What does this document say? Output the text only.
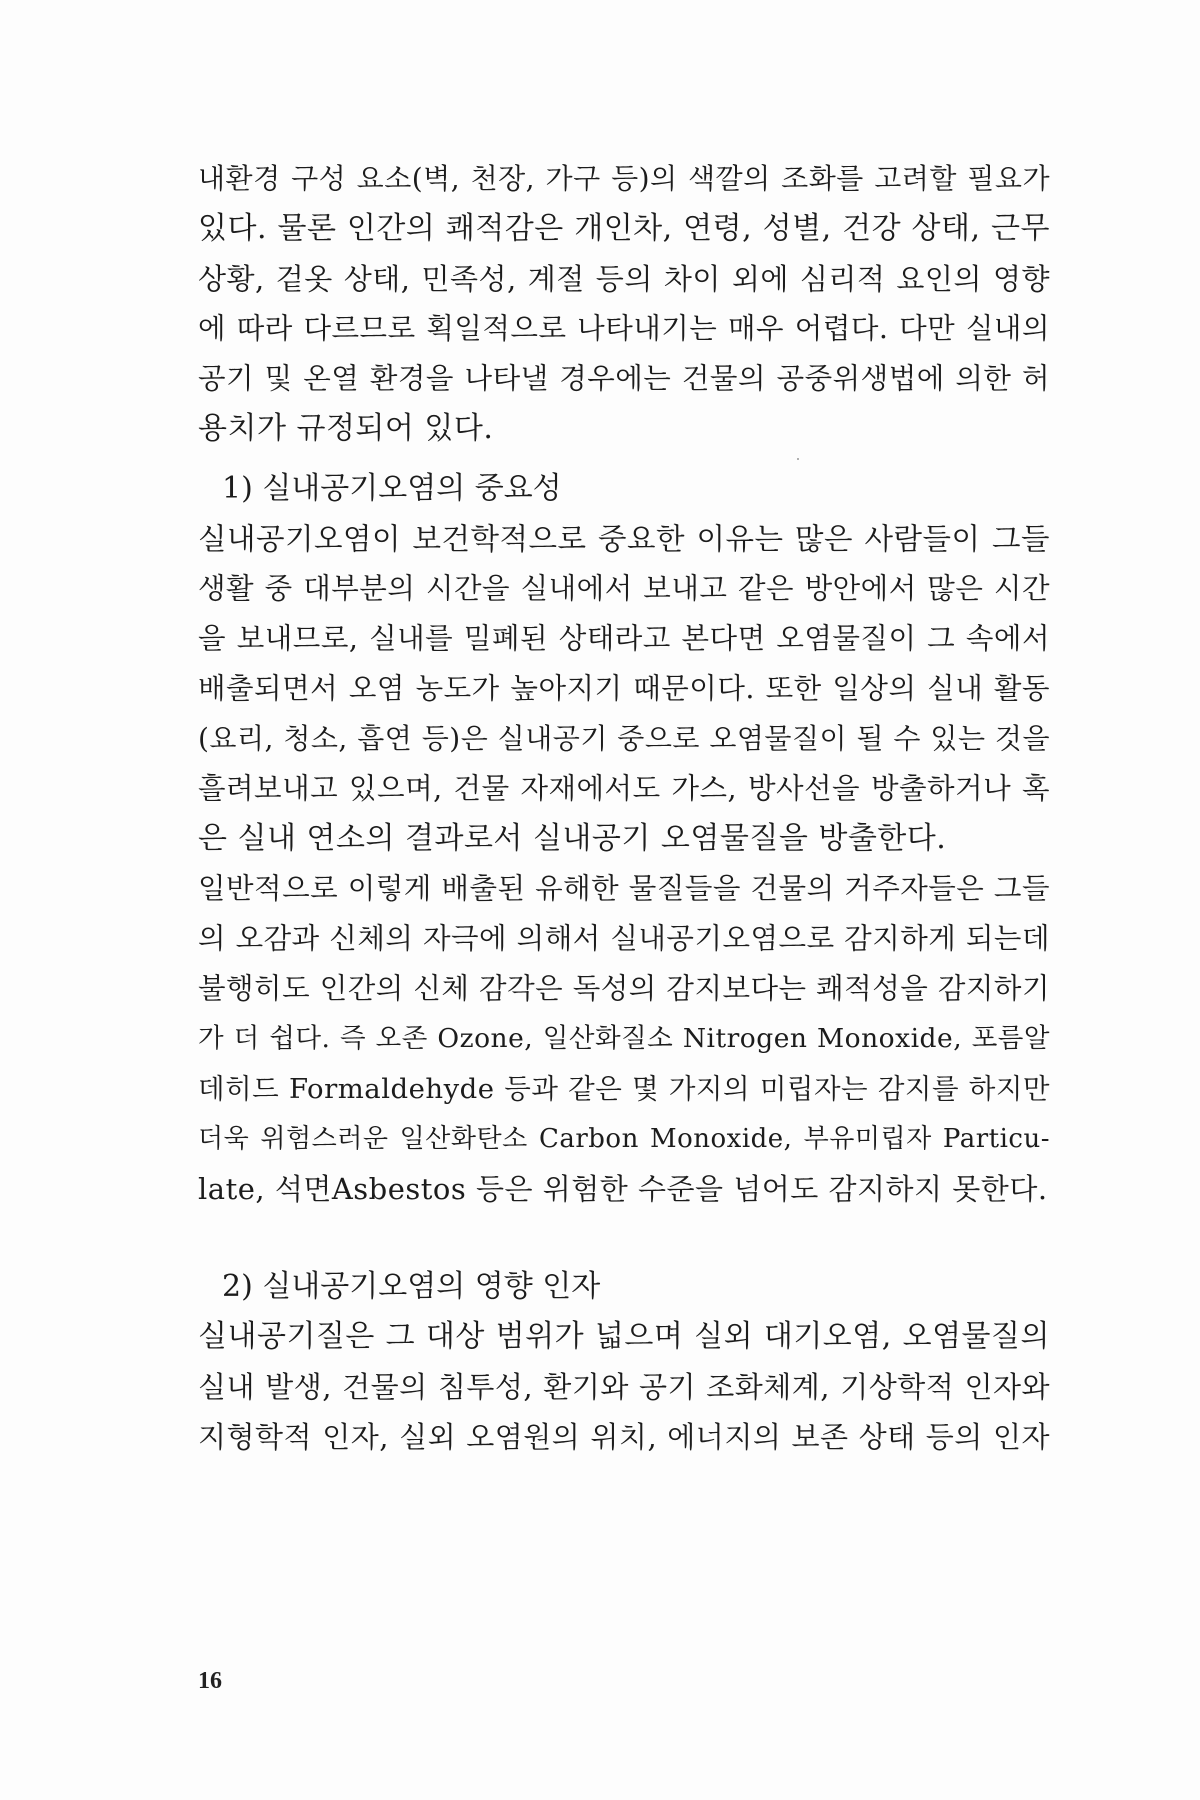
내환경 구성 요소(벽, 천장, 가구 등)의 색깔의 조화를 고려할 필요가
있다. 물론 인간의 쾌적감은 개인차, 연령, 성별, 건강 상태, 근무
상황, 겉옷 상태, 민족성, 계절 등의 차이 외에 심리적 요인의 영향
에 따라 다르므로 획일적으로 나타내기는 매우 어렵다. 다만 실내의
공기 및 온열 환경을 나타낼 경우에는 건물의 공중위생법에 의한 허
용치가 규정되어 있다.
1) 실내공기오염의 중요성
실내공기오염이 보건학적으로 중요한 이유는 많은 사람들이 그들
생활 중 대부분의 시간을 실내에서 보내고 같은 방안에서 많은 시간
을 보내므로, 실내를 밀폐된 상태라고 본다면 오염물질이 그 속에서
배출되면서 오염 농도가 높아지기 때문이다. 또한 일상의 실내 활동
(요리, 청소, 흡연 등)은 실내공기 중으로 오염물질이 될 수 있는 것을
흘려보내고 있으며, 건물 자재에서도 가스, 방사선을 방출하거나 혹
은 실내 연소의 결과로서 실내공기 오염물질을 방출한다.
일반적으로 이렇게 배출된 유해한 물질들을 건물의 거주자들은 그들
의 오감과 신체의 자극에 의해서 실내공기오염으로 감지하게 되는데
불행히도 인간의 신체 감각은 독성의 감지보다는 쾌적성을 감지하기
가 더 쉽다. 즉 오존 Ozone, 일산화질소 Nitrogen Monoxide, 포름알
데히드 Formaldehyde 등과 같은 몇 가지의 미립자는 감지를 하지만
더욱 위험스러운 일산화탄소 Carbon Monoxide, 부유미립자 Particu-
late, 석면Asbestos 등은 위험한 수준을 넘어도 감지하지 못한다.
2) 실내공기오염의 영향 인자
실내공기질은 그 대상 범위가 넓으며 실외 대기오염, 오염물질의
실내 발생, 건물의 침투성, 환기와 공기 조화체계, 기상학적 인자와
지형학적 인자, 실외 오염원의 위치, 에너지의 보존 상태 등의 인자
16
